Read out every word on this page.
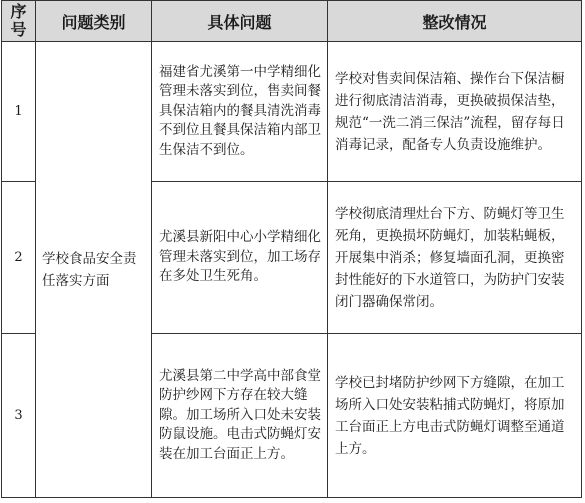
序
号	问题类别	具体问题	整改情况
1	学校食品安全责任落实方面	福建省尤溪第一中学精细化管理未落实到位，售卖间餐具保洁箱内的餐具清洗消毒不到位且餐具保洁箱内部卫生保洁不到位。	学校对售卖间保洁箱、操作台下保洁橱进行彻底清洁消毒，更换破损保洁垫，规范“一洗二消三保洁”流程，留存每日消毒记录，配备专人负责设施维护。
2		尤溪县新阳中心小学精细化管理未落实到位，加工场存在多处卫生死角。	学校彻底清理灶台下方、防蝇灯等卫生死角，更换损坏防蝇灯，加装粘蝇板，开展集中消杀；修复墙面孔洞，更换密封性能好的下水道管口，为防护门安装闭门器确保常闭。
3		尤溪县第二中学高中部食堂防护纱网下方存在较大缝隙。加工场所入口处未安装防鼠设施。电击式防蝇灯安装在加工台面正上方。	学校已封堵防护纱网下方缝隙，在加工场所入口处安装粘捕式防蝇灯，将原加工台面正上方电击式防蝇灯调整至通道上方。
